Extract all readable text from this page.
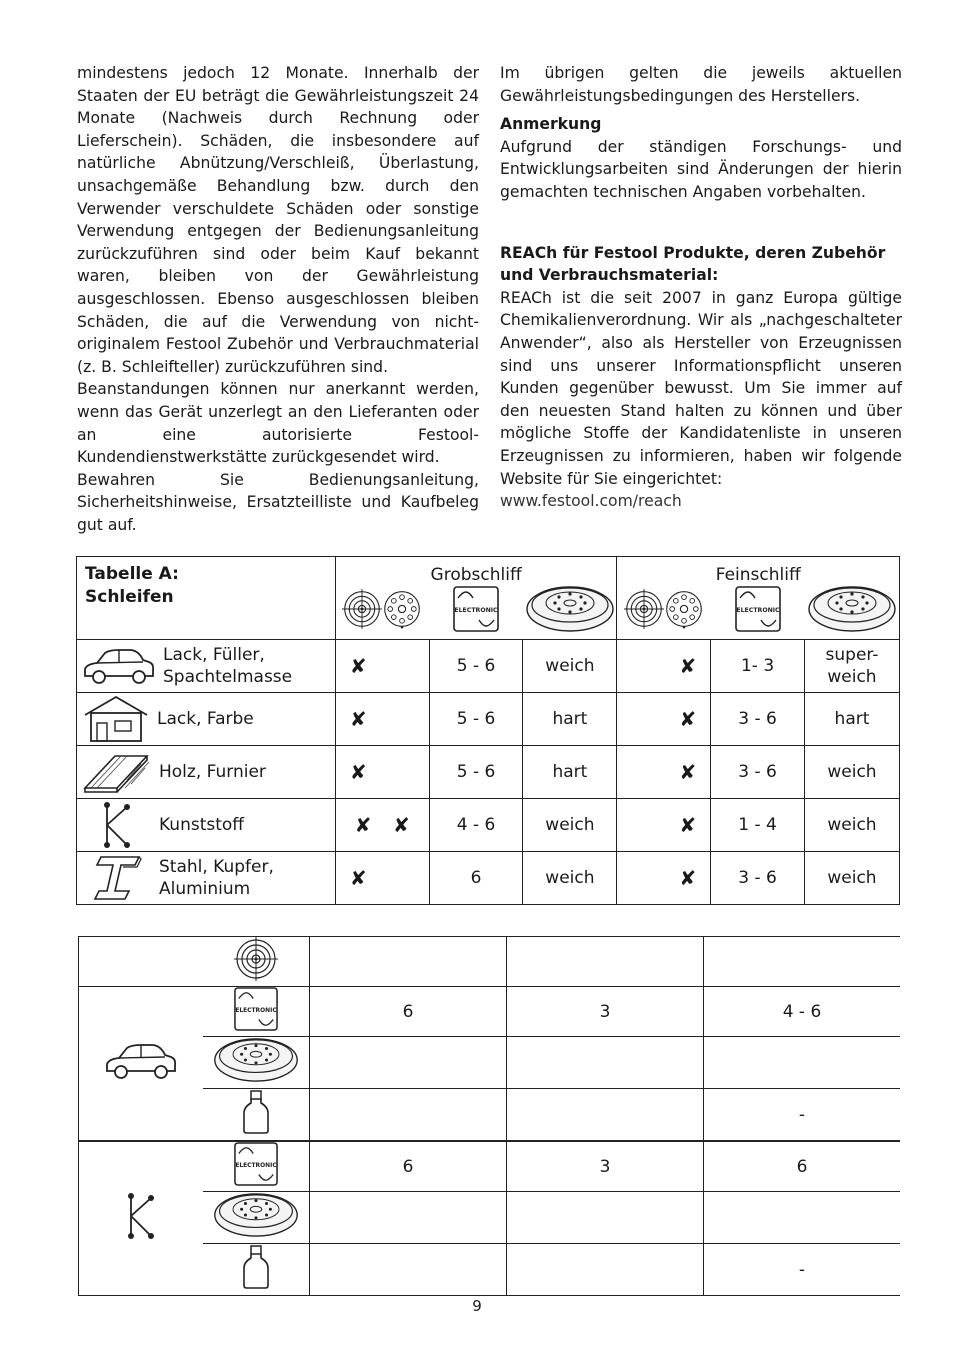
mindestens jedoch 12 Monate. Innerhalb der Staaten der EU beträgt die Gewährleistungszeit 24 Monate (Nachweis durch Rechnung oder Lieferschein). Schäden, die insbesondere auf natürliche Abnützung/Verschleiß, Überlastung, unsachgemäße Behandlung bzw. durch den Verwender verschuldete Schäden oder sonstige Verwendung entgegen der Bedienungsanleitung zurückzuführen sind oder beim Kauf bekannt waren, bleiben von der Gewährleistung ausgeschlossen. Ebenso ausgeschlossen bleiben Schäden, die auf die Verwendung von nicht-originalem Festool Zubehör und Verbrauchmaterial (z. B. Schleifteller) zurückzuführen sind.

Beanstandungen können nur anerkannt werden, wenn das Gerät unzerlegt an den Lieferanten oder an eine autorisierte Festool-Kundendienstwerkstätte zurückgesendet wird.

Bewahren Sie Bedienungsanleitung, Sicherheitshinweise, Ersatzteilliste und Kaufbeleg gut auf.

Im übrigen gelten die jeweils aktuellen Gewährleistungsbedingungen des Herstellers.

Anmerkung

Aufgrund der ständigen Forschungs- und Entwicklungsarbeiten sind Änderungen der hierin gemachten technischen Angaben vorbehalten.

REACh für Festool Produkte, deren Zubehör und Verbrauchsmaterial:

REACh ist die seit 2007 in ganz Europa gültige Chemikalienverordnung. Wir als „nachgeschalteter Anwender“, also als Hersteller von Erzeugnissen sind uns unserer Informationspflicht unseren Kunden gegenüber bewusst. Um Sie immer auf den neuesten Stand halten zu können und über mögliche Stoffe der Kandidatenliste in unseren Erzeugnissen zu informieren, haben wir folgende Website für Sie eingerichtet:

www.festool.com/reach

Tabelle A:
Schleifen	Grobschliff			Feinschliff		

Lack, Füller,
Spachtelmasse	✘	5 - 6	weich	✘	1- 3	super-
weich

Lack, Farbe	✘	5 - 6	hart	✘	3 - 6	hart

Holz, Furnier	✘	5 - 6	hart	✘	3 - 6	weich

Kunststoff	✘ ✘	4 - 6	weich	✘	1 - 4	weich

Stahl, Kupfer,
Aluminium	✘	6	weich	✘	3 - 6	weich

		6	3	4 - 6

			-
		6	3	6

			-
9
